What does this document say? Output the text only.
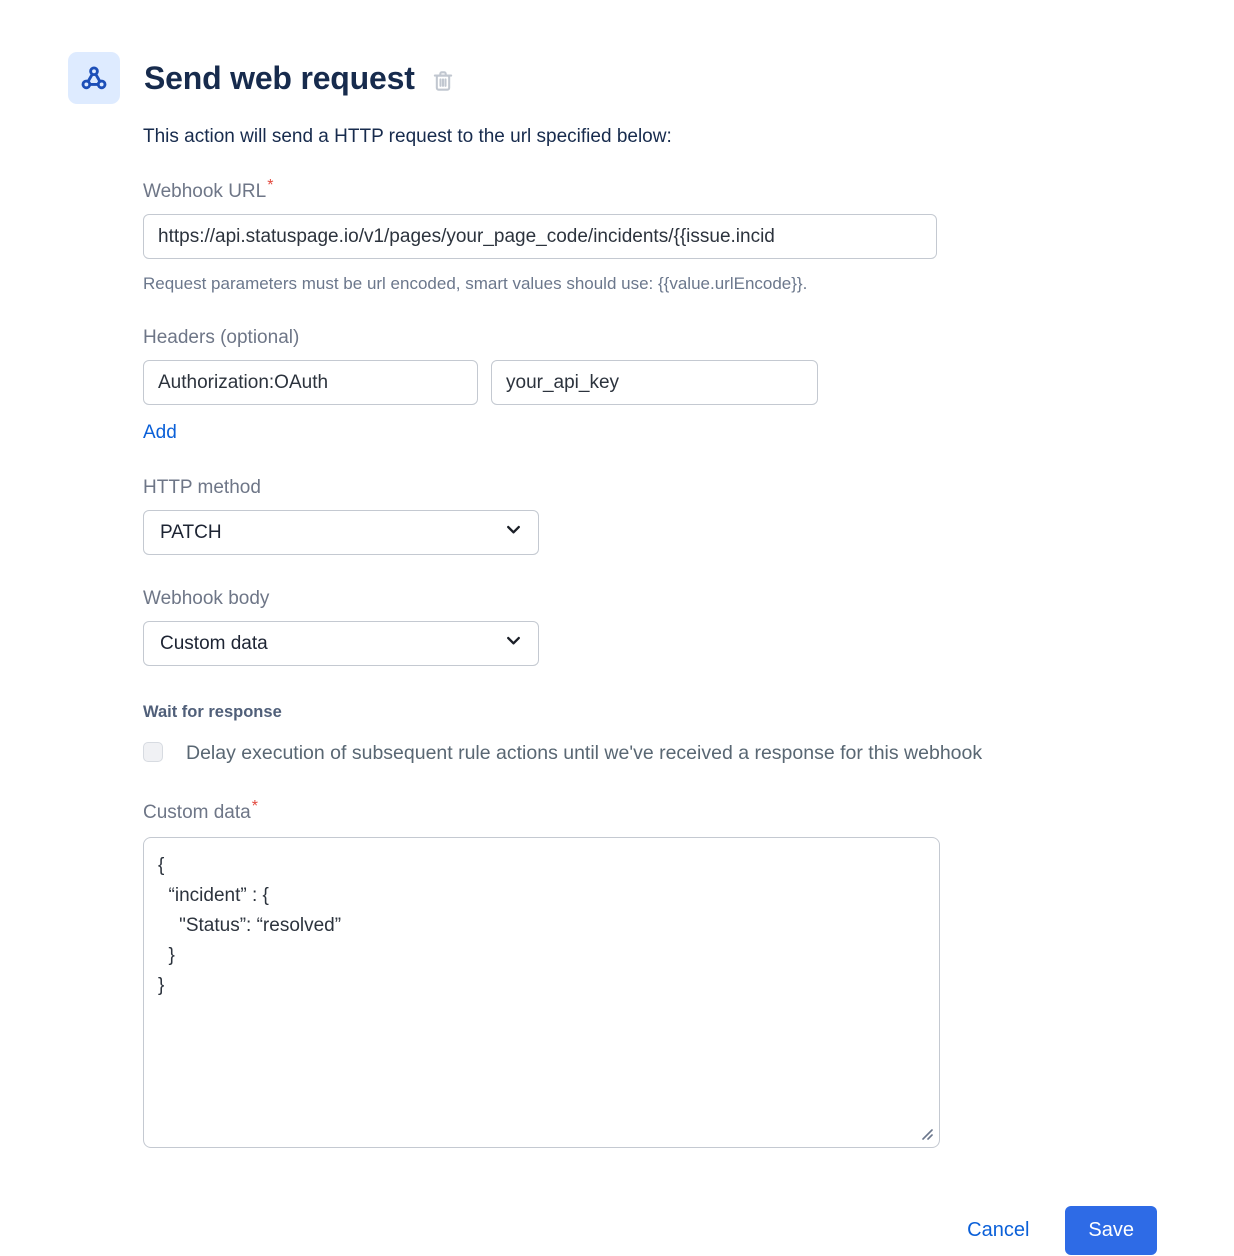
Send web request

This action will send a HTTP request to the url specified below:

Webhook URL*
https://api.statuspage.io/v1/pages/your_page_code/incidents/{{issue.incid

Request parameters must be url encoded, smart values should use: {{value.urlEncode}}.

Headers (optional)
Authorization:OAuth
your_api_key
Add
HTTP method
PATCH
Webhook body
Custom data
Wait for response
Delay execution of subsequent rule actions until we've received a response for this webhook
Custom data*
{ “incident” : { "Status”: “resolved” } }
Cancel	Save
